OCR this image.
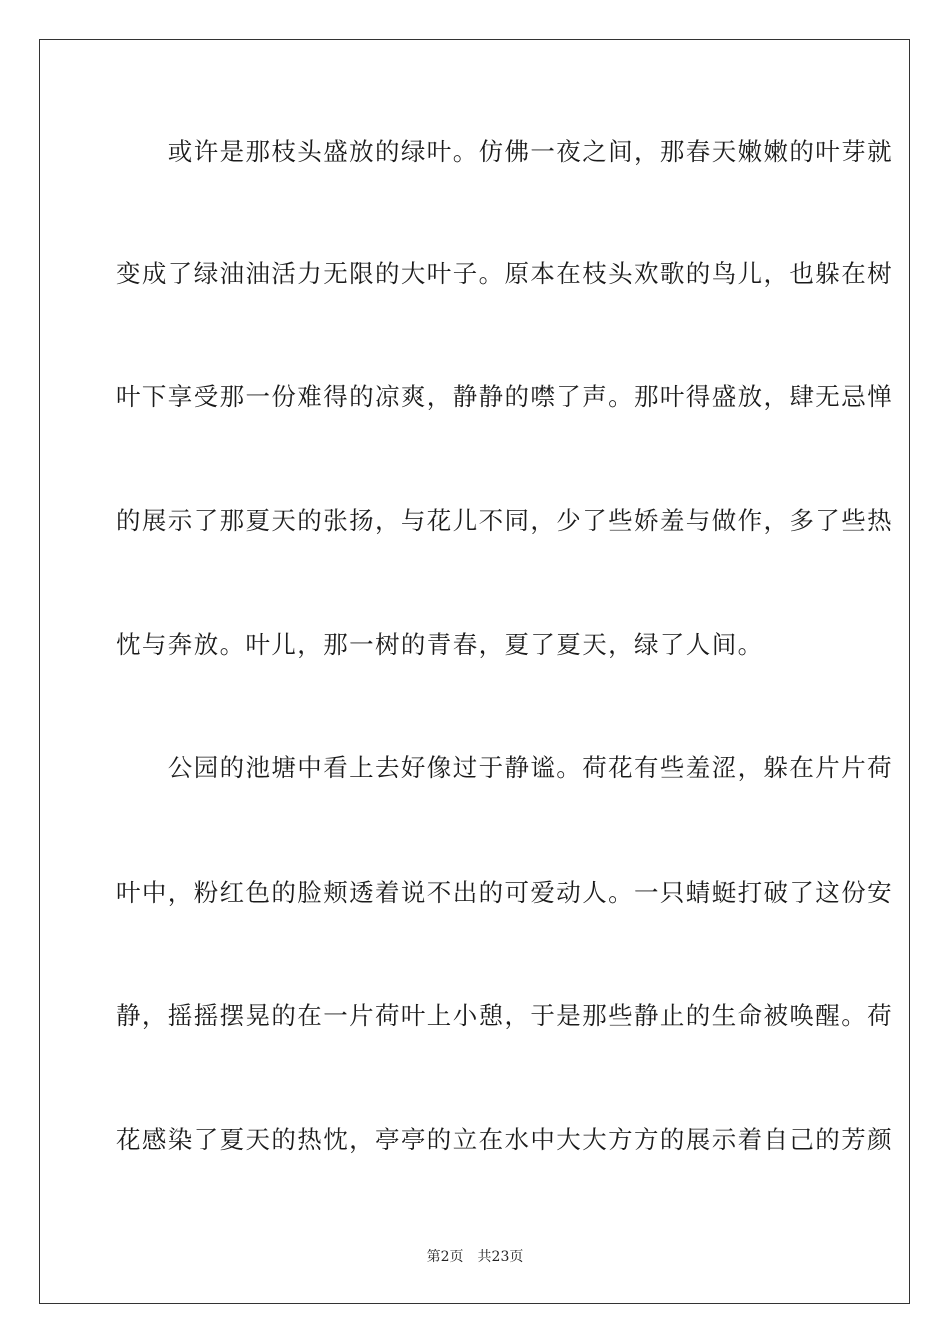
　　或许是那枝头盛放的绿叶。仿佛一夜之间，那春天嫩嫩的叶芽就
变成了绿油油活力无限的大叶子。原本在枝头欢歌的鸟儿，也躲在树
叶下享受那一份难得的凉爽，静静的噤了声。那叶得盛放，肆无忌惮
的展示了那夏天的张扬，与花儿不同，少了些娇羞与做作，多了些热
忱与奔放。叶儿，那一树的青春，夏了夏天，绿了人间。
　　公园的池塘中看上去好像过于静谧。荷花有些羞涩，躲在片片荷
叶中，粉红色的脸颊透着说不出的可爱动人。一只蜻蜓打破了这份安
静，摇摇摆晃的在一片荷叶上小憩，于是那些静止的生命被唤醒。荷
花感染了夏天的热忱，亭亭的立在水中大大方方的展示着自己的芳颜
第2页 共23页
